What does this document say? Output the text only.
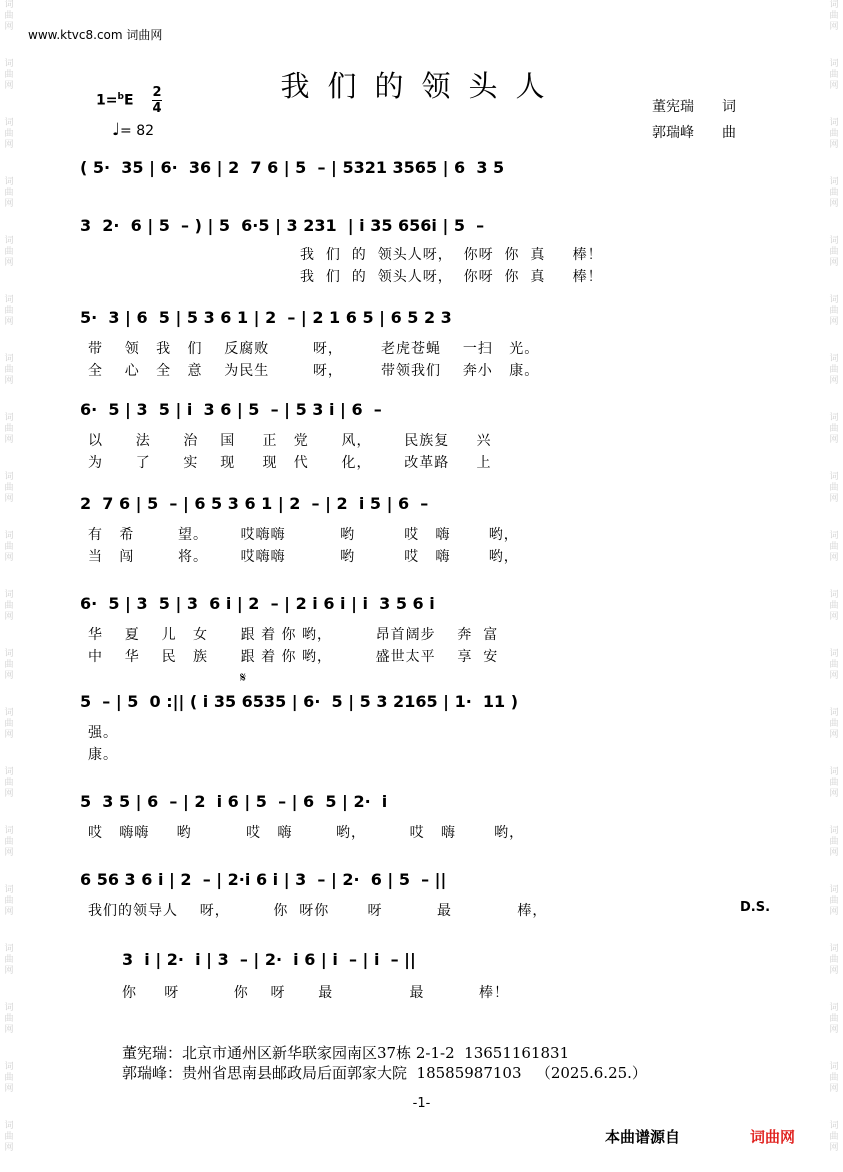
词
曲
网
词
曲
网
词
曲
网
词
曲
网
词
曲
网
词
曲
网
词
曲
网
词
曲
网
词
曲
网
词
曲
网
词
曲
网
词
曲
网
词
曲
网
词
曲
网
词
曲
网
词
曲
网
词
曲
网
词
曲
网
词
曲
网
词
曲
网
词
曲
网
词
曲
网
词
曲
网
词
曲
网
词
曲
网
词
曲
网
词
曲
网
词
曲
网
词
曲
网
词
曲
网
词
曲
网
词
曲
网
词
曲
网
词
曲
网
词
曲
网
词
曲
网
词
曲
网
词
曲
网
词
曲
网
词
曲
网
www.ktvc8.com 词曲网
我们的领头人
1=$^b$E
2
4
♩= 82
董宪瑞 词
郭瑞峰 曲
( 5·  35 | 6·  36 | 2  7 6 | 5  – | 5321 3565 | 6  3 5
3  2·  6 | 5  – ) | 5  6·5 | 3 231  | i 35 656i | 5  –
我  们  的  领头人呀，  你呀  你  真     棒！
我  们  的  领头人呀，  你呀  你  真     棒！
5·  3 | 6  5 | 5 3 6 1 | 2  – | 2 1 6 5 | 6 5 2 3
带    领   我   们    反腐败        呀，       老虎苍蝇    一扫   光。
全    心   全   意    为民生        呀，       带领我们    奔小   康。
6·  5 | 3  5 | i  3 6 | 5  – | 5 3 i | 6  –
以      法      治    国     正   党      风，      民族复     兴
为      了      实    现     现   代      化，      改革路     上
2  7 6 | 5  – | 6 5 3 6 1 | 2  – | 2  i 5 | 6  –
有   希        望。      哎嗨嗨          哟         哎   嗨       哟，
当   闯        将。      哎嗨嗨          哟         哎   嗨       哟，
6·  5 | 3  5 | 3  6 i | 2  – | 2 i 6 i | i  3 5 6 i
华    夏    儿   女      跟 着 你 哟，        昂首阔步    奔  富
中    华    民   族      跟 着 你 哟，        盛世太平    享  安
5  – | 5  0 :|| ( i 35 6535 | 6·  5 | 5 3 2165 | 1·  11 )
强。
康。
5  3 5 | 6  – | 2  i 6 | 5  – | 6  5 | 2·  i
哎   嗨嗨     哟          哎   嗨        哟，        哎   嗨       哟，
6 56 3 6 i | 2  – | 2·i 6 i | 3  – | 2·  6 | 5  – ||
我们的领导人    呀，        你  呀你       呀          最            棒，
3  i | 2·  i | 3  – | 2·  i 6 | i  – | i  – ||
你     呀          你    呀      最              最          棒！
D.S.
𝄋
董宪瑞：北京市通州区新华联家园南区37栋 2-1-2  13651161831
郭瑞峰：贵州省思南县邮政局后面郭家大院  18585987103   （2025.6.25.）
-1-
本曲谱源自	词曲网
